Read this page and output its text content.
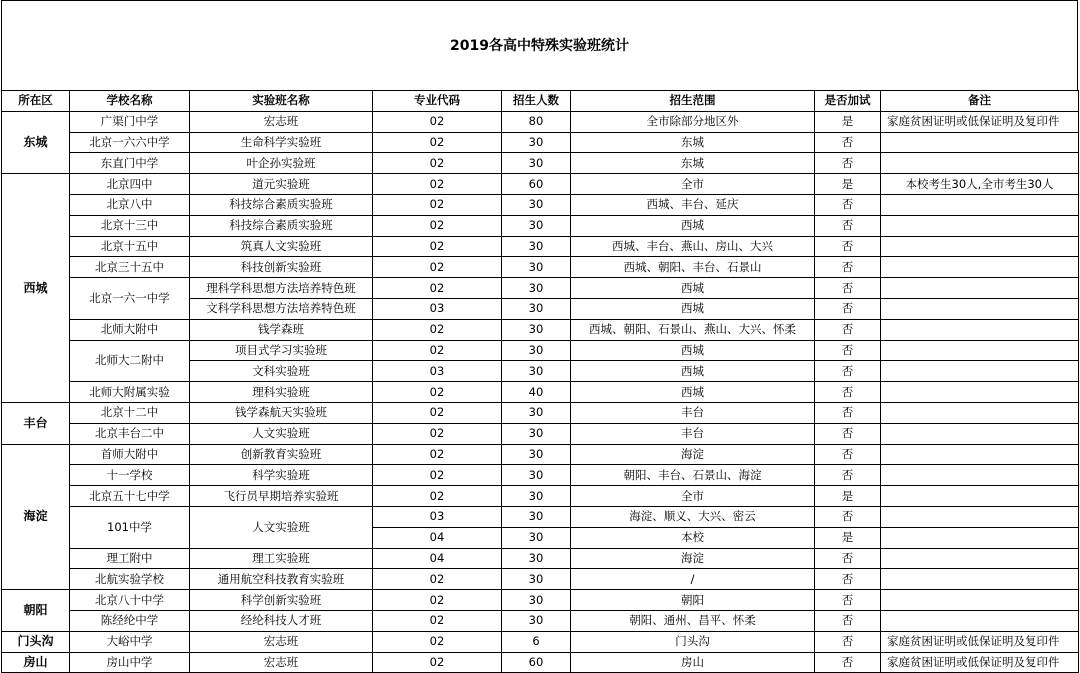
2019各高中特殊实验班统计
所在区	学校名称	实验班名称	专业代码	招生人数	招生范围	是否加试	备注
东城	广渠门中学	宏志班	02	80	全市除部分地区外	是	家庭贫困证明或低保证明及复印件
	北京一六六中学	生命科学实验班	02	30	东城	否	
	东直门中学	叶企孙实验班	02	30	东城	否	
西城	北京四中	道元实验班	02	60	全市	是	本校考生30人,全市考生30人
	北京八中	科技综合素质实验班	02	30	西城、丰台、延庆	否	
	北京十三中	科技综合素质实验班	02	30	西城	否	
	北京十五中	筑真人文实验班	02	30	西城、丰台、燕山、房山、大兴	否	
	北京三十五中	科技创新实验班	02	30	西城、朝阳、丰台、石景山	否	
	北京一六一中学	理科学科思想方法培养特色班	02	30	西城	否	
		文科学科思想方法培养特色班	03	30	西城	否	
	北师大附中	钱学森班	02	30	西城、朝阳、石景山、燕山、大兴、怀柔	否	
	北师大二附中	项目式学习实验班	02	30	西城	否	
		文科实验班	03	30	西城	否	
	北师大附属实验	理科实验班	02	40	西城	否	
丰台	北京十二中	钱学森航天实验班	02	30	丰台	否	
	北京丰台二中	人文实验班	02	30	丰台	否	
海淀	首师大附中	创新教育实验班	02	30	海淀	否	
	十一学校	科学实验班	02	30	朝阳、丰台、石景山、海淀	否	
	北京五十七中学	飞行员早期培养实验班	02	30	全市	是	
	101中学	人文实验班	03	30	海淀、顺义、大兴、密云	否	
			04	30	本校	是	
	理工附中	理工实验班	04	30	海淀	否	
	北航实验学校	通用航空科技教育实验班	02	30	/	否	
朝阳	北京八十中学	科学创新实验班	02	30	朝阳	否	
	陈经纶中学	经纶科技人才班	02	30	朝阳、通州、昌平、怀柔	否	
门头沟	大峪中学	宏志班	02	6	门头沟	否	家庭贫困证明或低保证明及复印件
房山	房山中学	宏志班	02	60	房山	否	家庭贫困证明或低保证明及复印件
